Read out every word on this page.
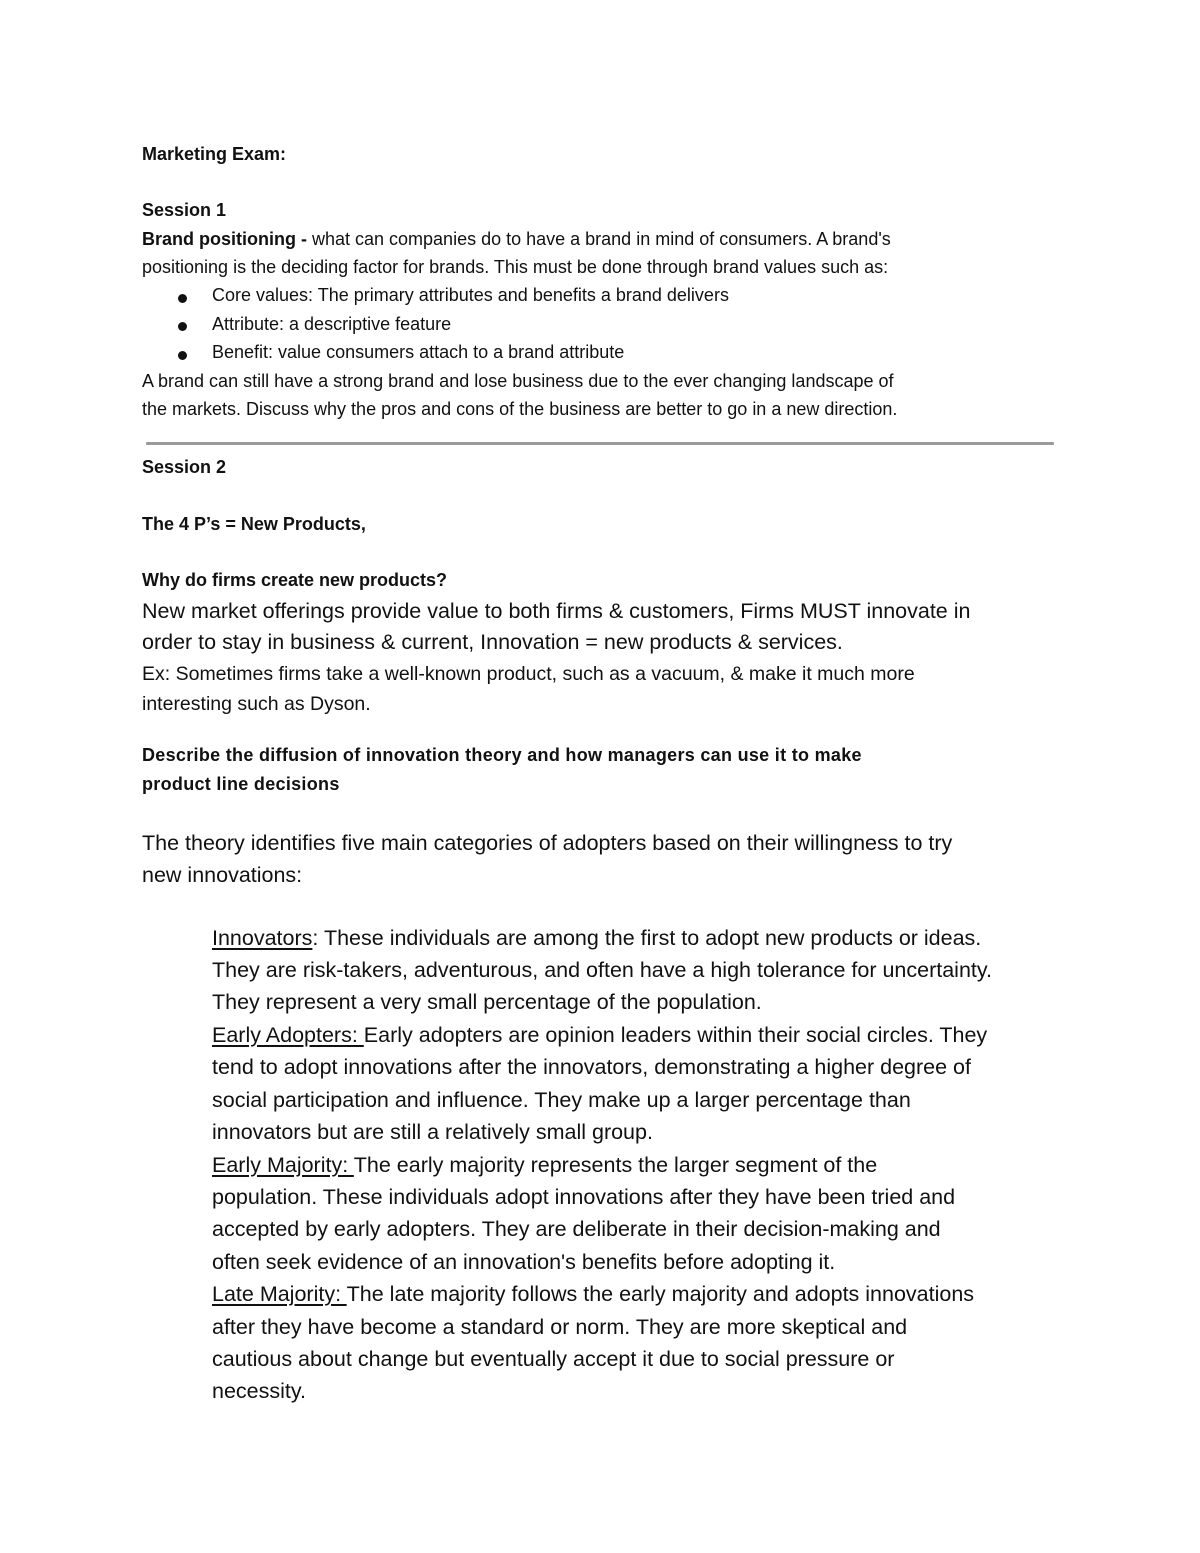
Marketing Exam:
Session 1
Brand positioning - what can companies do to have a brand in mind of consumers. A brand's
positioning is the deciding factor for brands. This must be done through brand values such as:
Core values: The primary attributes and benefits a brand delivers
Attribute: a descriptive feature
Benefit: value consumers attach to a brand attribute
A brand can still have a strong brand and lose business due to the ever changing landscape of
the markets. Discuss why the pros and cons of the business are better to go in a new direction.
Session 2
The 4 P’s = New Products,
Why do firms create new products?
New market offerings provide value to both firms & customers, Firms MUST innovate in
order to stay in business & current, Innovation = new products & services.
Ex: Sometimes firms take a well-known product, such as a vacuum, & make it much more
interesting such as Dyson.
Describe the diffusion of innovation theory and how managers can use it to make
product line decisions
The theory identifies five main categories of adopters based on their willingness to try
new innovations:
Innovators: These individuals are among the first to adopt new products or ideas.
They are risk-takers, adventurous, and often have a high tolerance for uncertainty.
They represent a very small percentage of the population.
Early Adopters: Early adopters are opinion leaders within their social circles. They
tend to adopt innovations after the innovators, demonstrating a higher degree of
social participation and influence. They make up a larger percentage than
innovators but are still a relatively small group.
Early Majority: The early majority represents the larger segment of the
population. These individuals adopt innovations after they have been tried and
accepted by early adopters. They are deliberate in their decision-making and
often seek evidence of an innovation's benefits before adopting it.
Late Majority: The late majority follows the early majority and adopts innovations
after they have become a standard or norm. They are more skeptical and
cautious about change but eventually accept it due to social pressure or
necessity.
